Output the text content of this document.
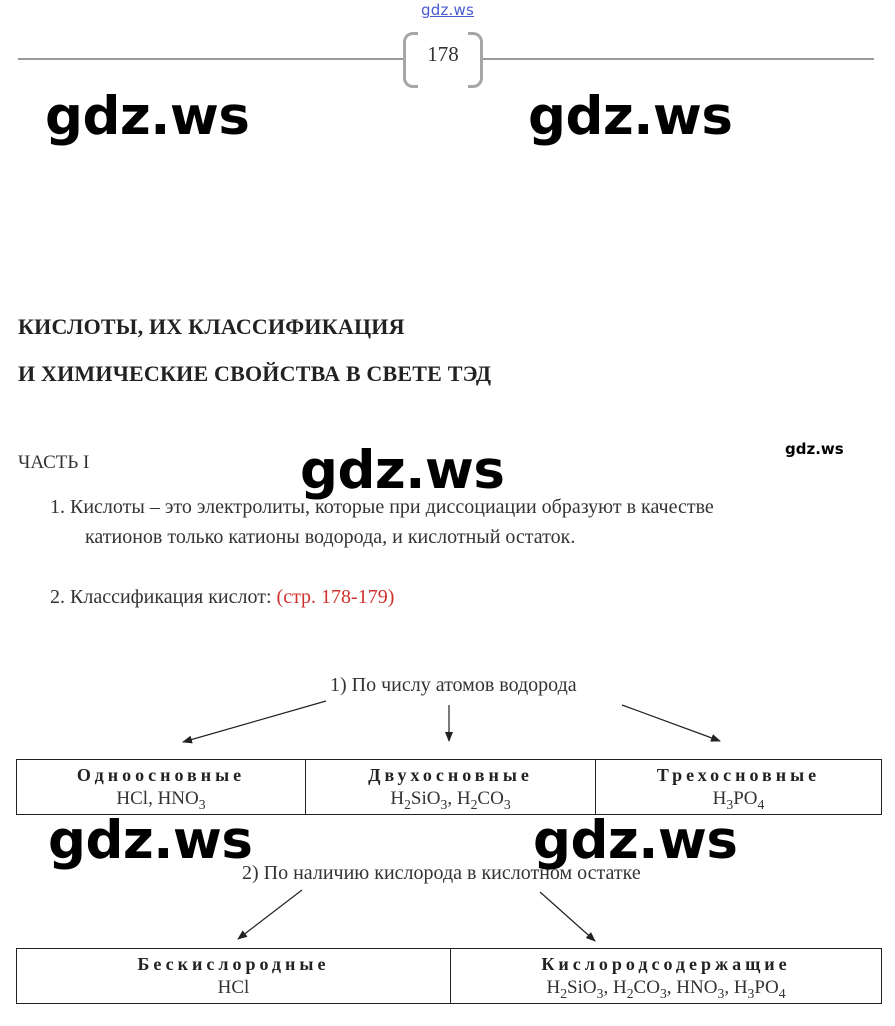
gdz.ws
178
gdz.ws	gdz.ws
gdz.ws	gdz.ws
КИСЛОТЫ, ИХ КЛАССИФИКАЦИЯ
И ХИМИЧЕСКИЕ СВОЙСТВА В СВЕТЕ ТЭД
ЧАСТЬ I
1. Кислоты – это электролиты, которые при диссоциации образуют в качестве
катионов только катионы водорода, и кислотный остаток.
2. Классификация кислот: (стр. 178-179)
1) По числу атомов водорода
Одноосновные
HCl, $HNO_3$

Двухосновные
$H_2SiO_3$, $H_2CO_3$

Трехосновные
$H_3PO_4$
gdz.ws	gdz.ws
2) По наличию кислорода в кислотном остатке
Бескислородные
HCl

Кислородсодержащие
$H_2SiO_3$, $H_2CO_3$, $HNO_3$, $H_3PO_4$
